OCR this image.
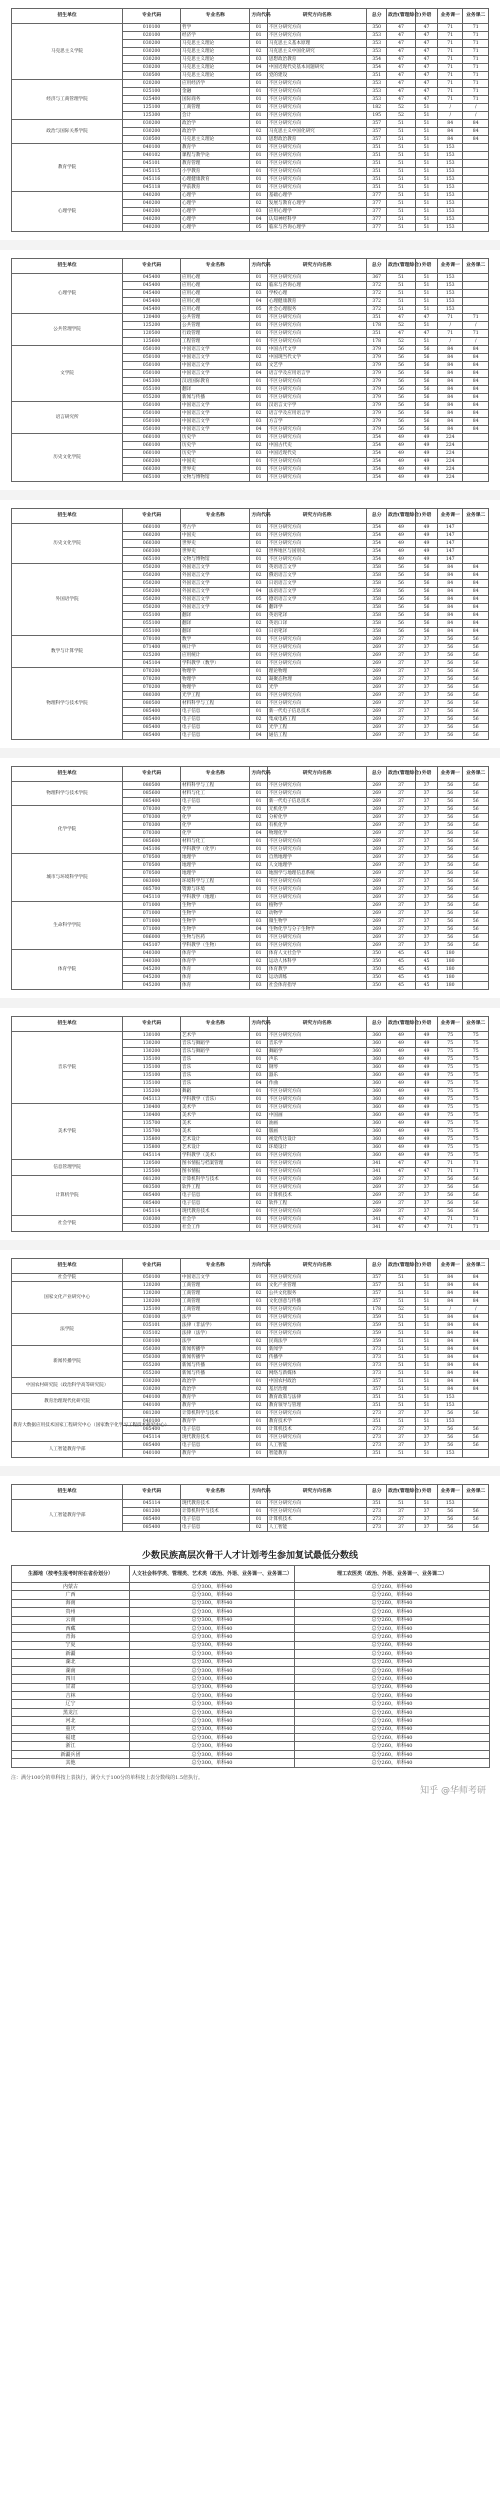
招生单位	专业代码	专业名称	方向代码	研究方向名称	总分	政治(管理综合)	外语	业务课一	业务课二
马克思主义学院	010100	哲学	01	不区分研究方向	350	47	47	71	71
	020100	经济学	01	不区分研究方向	353	47	47	71	71
	030200	马克思主义理论	01	马克思主义基本原理	353	47	47	71	71
	030200	马克思主义理论	02	马克思主义中国化研究	353	47	47	71	71
	030200	马克思主义理论	03	思想政治教育	354	47	47	71	71
	030200	马克思主义理论	04	中国近现代史基本问题研究	354	47	47	71	71
	030500	马克思主义理论	05	党的建设	351	47	47	71	71
经济与工商管理学院	020200	应用经济学	01	不区分研究方向	353	47	47	71	71
	025100	金融	01	不区分研究方向	353	47	47	71	71
	025400	国际商务	01	不区分研究方向	353	47	47	71	71
	125100	工商管理	01	不区分研究方向	182	52	51	/	/
	125300	会计	01	不区分研究方向	195	52	51	/	/
政治与国际关系学院	030200	政治学	01	不区分研究方向	357	51	51	84	84
	030200	政治学	02	马克思主义中国化研究	357	51	51	84	84
	030500	马克思主义理论	03	思想政治教育	357	51	51	84	84
教育学院	040100	教育学	01	不区分研究方向	351	51	51	153	
	040102	课程与教学论	01	不区分研究方向	351	51	51	153	
	045101	教育管理	01	不区分研究方向	351	51	51	153	
	045115	小学教育	01	不区分研究方向	351	51	51	153	
	045116	心理健康教育	01	不区分研究方向	351	51	51	153	
	045118	学前教育	01	不区分研究方向	351	51	51	153	
心理学院	040200	心理学	01	基础心理学	377	51	51	153	
	040200	心理学	02	发展与教育心理学	377	51	51	153	
	040200	心理学	03	应用心理学	377	51	51	153	
	040200	心理学	04	认知神经科学	377	51	51	153	
	040200	心理学	05	临床与咨询心理学	377	51	51	153	
招生单位	专业代码	专业名称	方向代码	研究方向名称	总分	政治(管理综合)	外语	业务课一	业务课二
心理学院	045400	应用心理	01	不区分研究方向	367	51	51	153	
	045400	应用心理	02	临床与咨询心理	372	51	51	153	
	045400	应用心理	03	学校心理	372	51	51	153	
	045400	应用心理	04	心理健康教育	372	51	51	153	
	045400	应用心理	05	社会心理服务	372	51	51	153	
公共管理学院	120400	公共管理	01	不区分研究方向	351	47	47	71	71
	125200	公共管理	01	不区分研究方向	178	52	51	/	/
	120500	行政管理	01	不区分研究方向	351	47	47	71	71
	125600	工程管理	01	不区分研究方向	178	52	51	/	/
文学院	050100	中国语言文学	01	中国古代文学	379	56	56	84	84
	050100	中国语言文学	02	中国现当代文学	379	56	56	84	84
	050100	中国语言文学	03	文艺学	379	56	56	84	84
	050100	中国语言文学	04	语言学及应用语言学	379	56	56	84	84
	045300	汉语国际教育	01	不区分研究方向	379	56	56	84	84
	055100	翻译	01	不区分研究方向	379	56	56	84	84
	055200	新闻与传播	01	不区分研究方向	379	56	56	84	84
语言研究所	050100	中国语言文学	01	汉语言文字学	379	56	56	84	84
	050100	中国语言文学	02	语言学及应用语言学	379	56	56	84	84
	050100	中国语言文学	03	方言学	379	56	56	84	84
	050100	中国语言文学	04	不区分研究方向	379	56	56	84	84
历史文化学院	060100	历史学	01	不区分研究方向	354	49	49	224	
	060100	历史学	02	中国古代史	354	49	49	224	
	060100	历史学	03	中国近现代史	354	49	49	224	
	060200	中国史	01	不区分研究方向	354	49	49	224	
	060300	世界史	01	不区分研究方向	354	49	49	224	
	065100	文物与博物馆	01	不区分研究方向	354	49	49	224	
招生单位	专业代码	专业名称	方向代码	研究方向名称	总分	政治(管理综合)	外语	业务课一	业务课二
历史文化学院	060100	考古学	01	不区分研究方向	354	49	49	147	
	060200	中国史	01	不区分研究方向	354	49	49	147	
	060300	世界史	01	不区分研究方向	354	49	49	147	
	060300	世界史	02	世界地区与国别史	354	49	49	147	
	065100	文物与博物馆	01	不区分研究方向	354	49	49	147	
外国语学院	050200	外国语言文学	01	英语语言文学	358	56	56	84	84
	050200	外国语言文学	02	俄语语言文学	358	56	56	84	84
	050200	外国语言文学	03	日语语言文学	358	56	56	84	84
	050200	外国语言文学	04	法语语言文学	358	56	56	84	84
	050200	外国语言文学	05	德语语言文学	358	56	56	84	84
	050200	外国语言文学	06	翻译学	358	56	56	84	84
	055100	翻译	01	英语笔译	358	56	56	84	84
	055100	翻译	02	英语口译	358	56	56	84	84
	055100	翻译	03	日语笔译	358	56	56	84	84
数学与计算学院	070100	数学	01	不区分研究方向	269	37	37	56	56
	071400	统计学	01	不区分研究方向	269	37	37	56	56
	025200	应用统计	01	不区分研究方向	269	37	37	56	56
	045104	学科教学（数学）	01	不区分研究方向	269	37	37	56	56
物理科学与技术学院	070200	物理学	01	理论物理	269	37	37	56	56
	070200	物理学	02	凝聚态物理	269	37	37	56	56
	070200	物理学	03	光学	269	37	37	56	56
	080300	光学工程	01	不区分研究方向	269	37	37	56	56
	080500	材料科学与工程	01	不区分研究方向	269	37	37	56	56
	085400	电子信息	01	新一代电子信息技术	269	37	37	56	56
	085400	电子信息	02	集成电路工程	269	37	37	56	56
	085400	电子信息	03	光学工程	269	37	37	56	56
	085400	电子信息	04	通信工程	269	37	37	56	56
招生单位	专业代码	专业名称	方向代码	研究方向名称	总分	政治(管理综合)	外语	业务课一	业务课二
物理科学与技术学院	080500	材料科学与工程	01	不区分研究方向	269	37	37	56	56
	085600	材料与化工	01	不区分研究方向	269	37	37	56	56
	085400	电子信息	01	新一代电子信息技术	269	37	37	56	56
化学学院	070300	化学	01	无机化学	269	37	37	56	56
	070300	化学	02	分析化学	269	37	37	56	56
	070300	化学	03	有机化学	269	37	37	56	56
	070300	化学	04	物理化学	269	37	37	56	56
	085600	材料与化工	01	不区分研究方向	269	37	37	56	56
	045106	学科教学（化学）	01	不区分研究方向	269	37	37	56	56
城市与环境科学学院	070500	地理学	01	自然地理学	269	37	37	56	56
	070500	地理学	02	人文地理学	269	37	37	56	56
	070500	地理学	03	地图学与地理信息系统	269	37	37	56	56
	083000	环境科学与工程	01	不区分研究方向	269	37	37	56	56
	085700	资源与环境	01	不区分研究方向	269	37	37	56	56
	045110	学科教学（地理）	01	不区分研究方向	269	37	37	56	56
生命科学学院	071000	生物学	01	植物学	269	37	37	56	56
	071000	生物学	02	动物学	269	37	37	56	56
	071000	生物学	03	微生物学	269	37	37	56	56
	071000	生物学	04	生物化学与分子生物学	269	37	37	56	56
	086000	生物与医药	01	不区分研究方向	269	37	37	56	56
	045107	学科教学（生物）	01	不区分研究方向	269	37	37	56	56
体育学院	040300	体育学	01	体育人文社会学	350	45	45	180	
	040300	体育学	02	运动人体科学	350	45	45	180	
	045200	体育	01	体育教学	350	45	45	180	
	045200	体育	02	运动训练	350	45	45	180	
	045200	体育	03	社会体育指导	350	45	45	180	
招生单位	专业代码	专业名称	方向代码	研究方向名称	总分	政治(管理综合)	外语	业务课一	业务课二
音乐学院	130100	艺术学	01	不区分研究方向	360	49	49	75	75
	130200	音乐与舞蹈学	01	音乐学	360	49	49	75	75
	130200	音乐与舞蹈学	02	舞蹈学	360	49	49	75	75
	135100	音乐	01	声乐	360	49	49	75	75
	135100	音乐	02	钢琴	360	49	49	75	75
	135100	音乐	03	器乐	360	49	49	75	75
	135100	音乐	04	作曲	360	49	49	75	75
	135200	舞蹈	01	不区分研究方向	360	49	49	75	75
	045113	学科教学（音乐）	01	不区分研究方向	360	49	49	75	75
美术学院	130400	美术学	01	不区分研究方向	360	49	49	75	75
	130400	美术学	02	中国画	360	49	49	75	75
	135700	美术	01	油画	360	49	49	75	75
	135700	美术	02	版画	360	49	49	75	75
	135800	艺术设计	01	视觉传达设计	360	49	49	75	75
	135800	艺术设计	02	环境设计	360	49	49	75	75
	045114	学科教学（美术）	01	不区分研究方向	360	49	49	75	75
信息管理学院	120500	图书情报与档案管理	01	不区分研究方向	341	47	47	71	71
	125500	图书情报	01	不区分研究方向	341	47	47	71	71
计算机学院	081200	计算机科学与技术	01	不区分研究方向	269	37	37	56	56
	083500	软件工程	01	不区分研究方向	269	37	37	56	56
	085400	电子信息	01	计算机技术	269	37	37	56	56
	085400	电子信息	02	软件工程	269	37	37	56	56
	045114	现代教育技术	01	不区分研究方向	269	37	37	56	56
社会学院	030300	社会学	01	不区分研究方向	341	47	47	71	71
	035200	社会工作	01	不区分研究方向	341	47	47	71	71
招生单位	专业代码	专业名称	方向代码	研究方向名称	总分	政治(管理综合)	外语	业务课一	业务课二
社会学院	050100	中国语言文学	01	不区分研究方向	357	51	51	84	84
国家文化产业研究中心	120200	工商管理	01	文化产业管理	357	51	51	84	84
	120200	工商管理	02	公共文化服务	357	51	51	84	84
	120200	工商管理	03	文化创意与传播	357	51	51	84	84
	125100	工商管理	01	不区分研究方向	178	52	51	/	/
法学院	030100	法学	01	不区分研究方向	359	51	51	84	84
	035101	法律（非法学）	01	不区分研究方向	359	51	51	84	84
	035102	法律（法学）	01	不区分研究方向	359	51	51	84	84
	030100	法学	02	民商法学	359	51	51	84	84
新闻传播学院	050300	新闻传播学	01	新闻学	373	51	51	84	84
	050300	新闻传播学	02	传播学	373	51	51	84	84
	055200	新闻与传播	01	不区分研究方向	373	51	51	84	84
	055200	新闻与传播	02	网络与新媒体	373	51	51	84	84
中国农村研究院（政治科学高等研究院）	030200	政治学	01	中国农村政治	357	51	51	84	84
	030200	政治学	02	基层治理	357	51	51	84	84
教育治理现代化研究院	040100	教育学	01	教育政策与法律	351	51	51	153	
	040100	教育学	02	教育领导与管理	351	51	51	153	
教育大数据应用技术国家工程研究中心（国家数字化学习工程技术研究中心）	081200	计算机科学与技术	01	不区分研究方向	273	37	37	56	56
	040100	教育学	01	教育技术学	351	51	51	153	
	085400	电子信息	01	计算机技术	273	37	37	56	56
	045114	现代教育技术	01	不区分研究方向	273	37	37	56	56
人工智能教育学部	085400	电子信息	01	人工智能	273	37	37	56	56
	040100	教育学	01	智能教育	351	51	51	153	
招生单位	专业代码	专业名称	方向代码	研究方向名称	总分	政治(管理综合)	外语	业务课一	业务课二
人工智能教育学部	045114	现代教育技术	01	不区分研究方向	351	51	51	153	
	081200	计算机科学与技术	01	不区分研究方向	273	37	37	56	56
	085400	电子信息	01	计算机技术	273	37	37	56	56
	085400	电子信息	02	人工智能	273	37	37	56	56
少数民族高层次骨干人才计划考生参加复试最低分数线
生源地（按考生报考时所在省份划分）	人文社会科学类、管理类、艺术类（政治、外语、业务课一、业务课二）	理工农医类（政治、外语、业务课一、业务课二）
内蒙古	总分300，单科40	总分260，单科40
广西	总分300，单科40	总分260，单科40
海南	总分300，单科40	总分260，单科40
贵州	总分300，单科40	总分260，单科40
云南	总分300，单科40	总分260，单科40
西藏	总分300，单科40	总分260，单科40
青海	总分300，单科40	总分260，单科40
宁夏	总分300，单科40	总分260，单科40
新疆	总分300，单科40	总分260，单科40
湖北	总分300，单科40	总分260，单科40
湖南	总分300，单科40	总分260，单科40
四川	总分300，单科40	总分260，单科40
甘肃	总分300，单科40	总分260，单科40
吉林	总分300，单科40	总分260，单科40
辽宁	总分300，单科40	总分260，单科40
黑龙江	总分300，单科40	总分260，单科40
河北	总分300，单科40	总分260，单科40
重庆	总分300，单科40	总分260，单科40
福建	总分300，单科40	总分260，单科40
浙江	总分300，单科40	总分260，单科40
新疆兵团	总分300，单科40	总分260，单科40
其他	总分300，单科40	总分260，单科40
注：满分100分的单科按上表执行，满分大于100分的单科按上表分数线的1.5倍执行。
知乎 @华师考研
